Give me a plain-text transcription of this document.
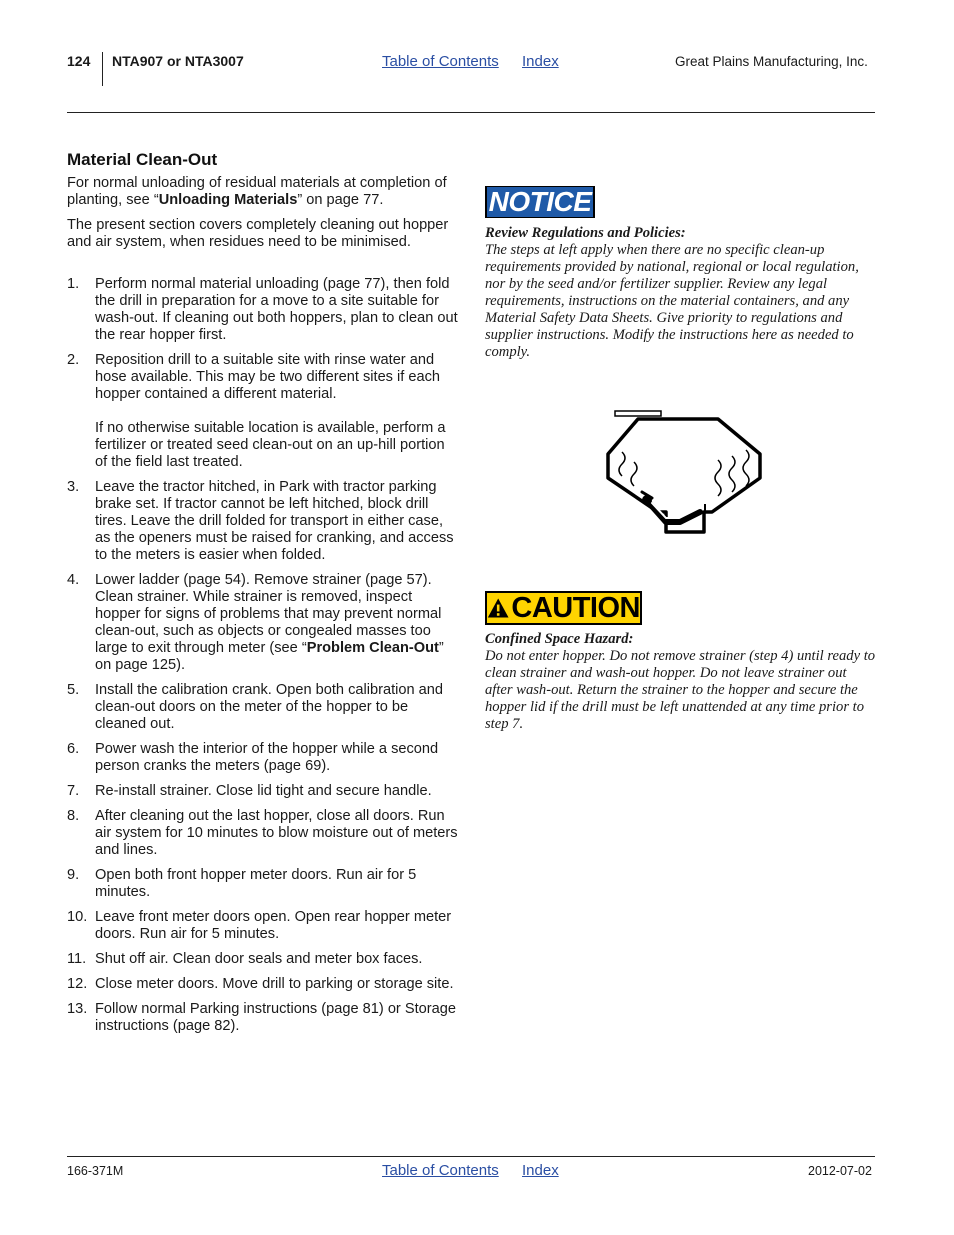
124 NTA907 or NTA3007	Table of Contents Index	Great Plains Manufacturing, Inc.
Material Clean-Out

For normal unloading of residual materials at completion of planting, see “Unloading Materials” on page 77.

The present section covers completely cleaning out hopper and air system, when residues need to be minimised.

1. Perform normal material unloading (page 77), then fold the drill in preparation for a move to a site suitable for wash-out. If cleaning out both hoppers, plan to clean out the rear hopper first.
2. Reposition drill to a suitable site with rinse water and hose available. This may be two different sites if each hopper contained a different material.
If no otherwise suitable location is available, perform a fertilizer or treated seed clean-out on an up-hill portion of the field last treated.
3. Leave the tractor hitched, in Park with tractor parking brake set. If tractor cannot be left hitched, block drill tires. Leave the drill folded for transport in either case, as the openers must be raised for cranking, and access to the meters is easier when folded.
4. Lower ladder (page 54). Remove strainer (page 57). Clean strainer. While strainer is removed, inspect hopper for signs of problems that may prevent normal clean-out, such as objects or congealed masses too large to exit through meter (see “Problem Clean-Out” on page 125).
5. Install the calibration crank. Open both calibration and clean-out doors on the meter of the hopper to be cleaned out.
6. Power wash the interior of the hopper while a second person cranks the meters (page 69).
7. Re-install strainer. Close lid tight and secure handle.
8. After cleaning out the last hopper, close all doors. Run air system for 10 minutes to blow moisture out of meters and lines.
9. Open both front hopper meter doors. Run air for 5 minutes.
10. Leave front meter doors open. Open rear hopper meter doors. Run air for 5 minutes.
11. Shut off air. Clean door seals and meter box faces.
12. Close meter doors. Move drill to parking or storage site.
13. Follow normal Parking instructions (page 81) or Storage instructions (page 82).
NOTICE
Review Regulations and Policies:
The steps at left apply when there are no specific clean-up requirements provided by national, regional or local regulation, nor by the seed and/or fertilizer supplier. Review any legal requirements, instructions on the material containers, and any Material Safety Data Sheets. Give priority to regulations and supplier instructions. Modify the instructions here as needed to comply.
CAUTION
Confined Space Hazard:
Do not enter hopper. Do not remove strainer (step 4) until ready to clean strainer and wash-out hopper. Do not leave strainer out after wash-out. Return the strainer to the hopper and secure the hopper lid if the drill must be left unattended at any time prior to step 7.
166-371M	Table of Contents Index	2012-07-02
